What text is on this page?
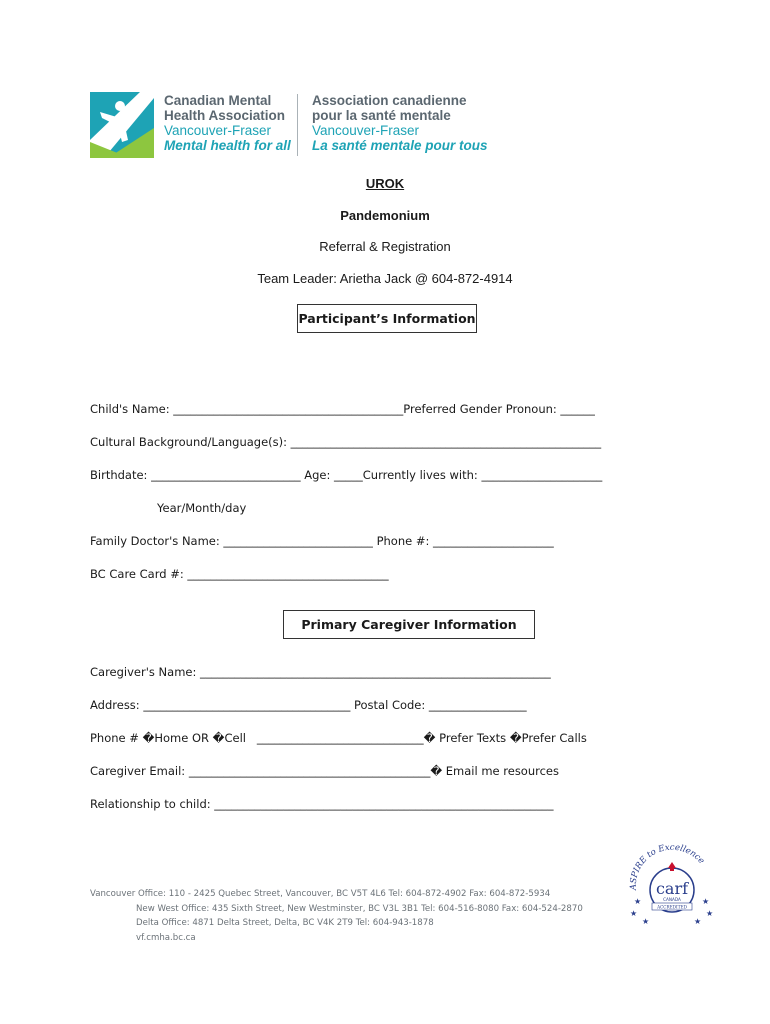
Canadian Mental
Health Association
Vancouver-Fraser
Mental health for all
Association canadienne
pour la santé mentale
Vancouver-Fraser
La santé mentale pour tous
UROK
Pandemonium
Referral & Registration
Team Leader: Arietha Jack @ 604-872-4914
Participant’s Information
Child's Name: ________________________________________Preferred Gender Pronoun: ______
Cultural Background/Language(s): ______________________________________________________
Birthdate: __________________________ Age: _____Currently lives with: _____________________
Year/Month/day
Family Doctor's Name: __________________________ Phone #: _____________________
BC Care Card #: ___________________________________
Primary Caregiver Information
Caregiver's Name: _____________________________________________________________
Address: ____________________________________ Postal Code: _________________
Phone # �Home OR �Cell   _____________________________� Prefer Texts �Prefer Calls
Caregiver Email: __________________________________________� Email me resources
Relationship to child: ___________________________________________________________
Vancouver Office: 110 - 2425 Quebec Street, Vancouver, BC V5T 4L6 Tel: 604-872-4902 Fax: 604-872-5934
New West Office: 435 Sixth Street, New Westminster, BC V3L 3B1 Tel: 604-516-8080 Fax: 604-524-2870
Delta Office: 4871 Delta Street, Delta, BC V4K 2T9 Tel: 604-943-1878
vf.cmha.bc.ca
ASPIRE to Excellence
carf
CANADA
ACCREDITED
★
★
★
★
★
★
